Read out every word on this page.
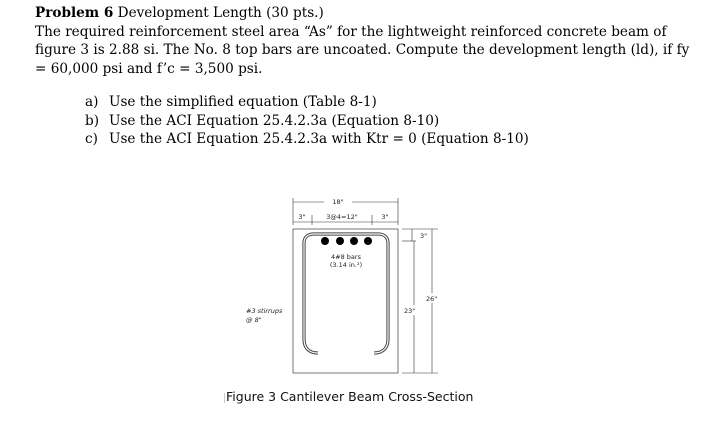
Problem 6 Development Length (30 pts.)
The required reinforcement steel area “As” for the lightweight reinforced concrete beam of
figure 3 is 2.88 si. The No. 8 top bars are uncoated. Compute the development length (ld), if fy
= 60,000 psi and f’c = 3,500 psi.
a) Use the simplified equation (Table 8-1)
b) Use the ACI Equation 25.4.2.3a (Equation 8-10)
c) Use the ACI Equation 25.4.2.3a with Ktr = 0 (Equation 8-10)
18"
3"	3@4=12"	3"
4#8 bars
(3.14 in.²)
3"
23"
26"
#3 stirrups
@ 8"
Figure 3 Cantilever Beam Cross-Section
